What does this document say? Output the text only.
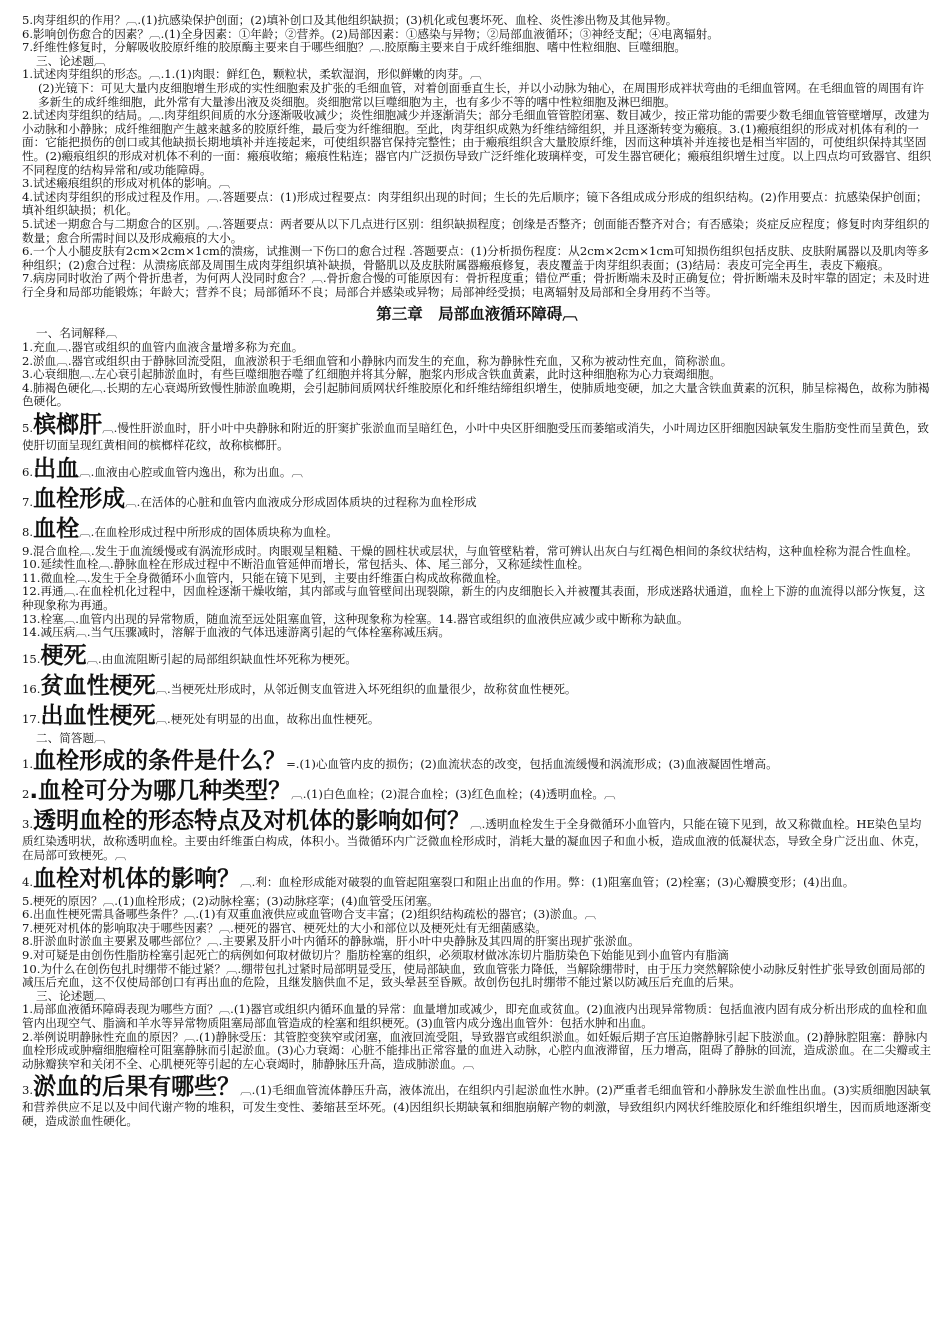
5.肉芽组织的作用？︹.(1)抗感染保护创面；(2)填补创口及其他组织缺损；(3)机化或包裹坏死、血栓、炎性渗出物及其他异物。

6.影响创伤愈合的因素？︹.(1)全身因素：①年龄；②营养。(2)局部因素：①感染与异物；②局部血液循环；③神经支配；④电离辐射。

7.纤维性修复时，分解吸收胶原纤维的胶原酶主要来自于哪些细胞？︹.胶原酶主要来自于成纤维细胞、嗜中性粒细胞、巨噬细胞。

三、论述题︹

1.试述肉芽组织的形态。︹.1.(1)肉眼：鲜红色，颗粒状，柔软湿润，形似鲜嫩的肉芽。︹

(2)光镜下：可见大量内皮细胞增生形成的实性细胞索及扩张的毛细血管，对着创面垂直生长，并以小动脉为轴心，在周围形成袢状弯曲的毛细血管网。在毛细血管的周围有许多新生的成纤维细胞，此外常有大量渗出液及炎细胞。炎细胞常以巨噬细胞为主，也有多少不等的嗜中性粒细胞及淋巴细胞。

2.试述肉芽组织的结局。︹.肉芽组织间质的水分逐渐吸收减少；炎性细胞减少并逐渐消失；部分毛细血管管腔闭塞、数目减少，按正常功能的需要少数毛细血管管壁增厚，改建为小动脉和小静脉；成纤维细胞产生越来越多的胶原纤维，最后变为纤维细胞。至此，肉芽组织成熟为纤维结缔组织，并且逐渐转变为瘢痕。3.(1)瘢痕组织的形成对机体有利的一面：它能把损伤的创口或其他缺损长期地填补并连接起来，可使组织器官保持完整性；由于瘢痕组织含大量胶原纤维，因而这种填补并连接也是相当牢固的，可使组织保持其坚固性。(2)瘢痕组织的形成对机体不利的一面：瘢痕收缩；瘢痕性粘连；器官内广泛损伤导致广泛纤维化玻璃样变，可发生器官硬化；瘢痕组织增生过度。以上四点均可致器官、组织不同程度的结构异常和/或功能障碍。

3.试述瘢痕组织的形成对机体的影响。︹

4.试述肉芽组织的形成过程及作用。︹.答题要点：(1)形成过程要点：肉芽组织出现的时间；生长的先后顺序；镜下各组成成分形成的组织结构。(2)作用要点：抗感染保护创面；填补组织缺损；机化。

5.试述一期愈合与二期愈合的区别。︹.答题要点：两者要从以下几点进行区别：组织缺损程度；创缘是否整齐；创面能否整齐对合；有否感染；炎症反应程度；修复时肉芽组织的数量；愈合所需时间以及形成瘢痕的大小。

6.一个人小腿皮肤有2cm×2cm×1cm的溃疡，试推测一下伤口的愈合过程 .答题要点：(1)分析损伤程度：从2cm×2cm×1cm可知损伤组织包括皮肤、皮肤附属器以及肌肉等多种组织；(2)愈合过程：从溃疡底部及周围生成肉芽组织填补缺损，骨骼肌以及皮肤附属器瘢痕修复，表皮覆盖于肉芽组织表面；(3)结局：表皮可完全再生，表皮下瘢痕。

7.病房同时收治了两个骨折患者，为何两人没同时愈合？︹.骨折愈合慢的可能原因有：骨折程度重；错位严重；骨折断端未及时正确复位；骨折断端未及时牢靠的固定；未及时进行全身和局部功能锻炼；年龄大；营养不良；局部循环不良；局部合并感染或异物；局部神经受损；电离辐射及局部和全身用药不当等。

第三章　局部血液循环障碍︹

一、名词解释︹

1.充血︹.器官或组织的血管内血液含量增多称为充血。

2.淤血︹.器官或组织由于静脉回流受阻，血液淤积于毛细血管和小静脉内而发生的充血，称为静脉性充血，又称为被动性充血，简称淤血。

3.心衰细胞︹.左心衰引起肺淤血时，有些巨噬细胞吞噬了红细胞并将其分解，胞浆内形成含铁血黄素，此时这种细胞称为心力衰竭细胞。

4.肺褐色硬化︹.长期的左心衰竭所致慢性肺淤血晚期，会引起肺间质网状纤维胶原化和纤维结缔组织增生，使肺质地变硬，加之大量含铁血黄素的沉积，肺呈棕褐色，故称为肺褐色硬化。

5.槟榔肝︹.慢性肝淤血时，肝小叶中央静脉和附近的肝窦扩张淤血而呈暗红色，小叶中央区肝细胞受压而萎缩或消失，小叶周边区肝细胞因缺氧发生脂肪变性而呈黄色，致使肝切面呈现红黄相间的槟榔样花纹，故称槟榔肝。

6.出血︹.血液由心腔或血管内逸出，称为出血。︹

7.血栓形成︹.在活体的心脏和血管内血液成分形成固体质块的过程称为血栓形成

8.血栓︹.在血栓形成过程中所形成的固体质块称为血栓。

9.混合血栓︹.发生于血流缓慢或有涡流形成时。肉眼观呈粗糙、干燥的圆柱状或层状，与血管壁粘着，常可辨认出灰白与红褐色相间的条纹状结构，这种血栓称为混合性血栓。

10.延续性血栓︹.静脉血栓在形成过程中不断沿血管延伸而增长，常包括头、体、尾三部分，又称延续性血栓。

11.微血栓︹.发生于全身微循环小血管内，只能在镜下见到，主要由纤维蛋白构成故称微血栓。

12.再通︹.在血栓机化过程中，因血栓逐渐干燥收缩，其内部或与血管壁间出现裂隙，新生的内皮细胞长入并被覆其表面，形成迷路状通道，血栓上下游的血流得以部分恢复，这种现象称为再通。

13.栓塞︹.血管内出现的异常物质，随血流至远处阻塞血管，这种现象称为栓塞。14.器官或组织的血液供应减少或中断称为缺血。

14.减压病︹.当气压骤减时，溶解于血液的气体迅速游离引起的气体栓塞称减压病。

15.梗死︹.由血流阻断引起的局部组织缺血性坏死称为梗死。

16.贫血性梗死︹.当梗死灶形成时，从邻近侧支血管进入坏死组织的血量很少，故称贫血性梗死。

17.出血性梗死︹.梗死处有明显的出血，故称出血性梗死。

二、简答题︹

1.血栓形成的条件是什么？=.(1)心血管内皮的损伤；(2)血流状态的改变，包括血流缓慢和涡流形成；(3)血液凝固性增高。

2.血栓可分为哪几种类型？︹.(1)白色血栓；(2)混合血栓；(3)红色血栓；(4)透明血栓。︹

3.透明血栓的形态特点及对机体的影响如何？︹.透明血栓发生于全身微循环小血管内，只能在镜下见到，故又称微血栓。HE染色呈均质红染透明状，故称透明血栓。主要由纤维蛋白构成，体积小。当微循环内广泛微血栓形成时，消耗大量的凝血因子和血小板，造成血液的低凝状态，导致全身广泛出血、休克，在局部可致梗死。︹

4.血栓对机体的影响？︹.利：血栓形成能对破裂的血管起阻塞裂口和阻止出血的作用。弊：(1)阻塞血管；(2)栓塞；(3)心瓣膜变形；(4)出血。

5.梗死的原因？︹.(1)血栓形成；(2)动脉栓塞；(3)动脉痉挛；(4)血管受压闭塞。

6.出血性梗死需具备哪些条件？︹.(1)有双重血液供应或血管吻合支丰富；(2)组织结构疏松的器官；(3)淤血。︹

7.梗死对机体的影响取决于哪些因素？︹.梗死的器官、梗死灶的大小和部位以及梗死灶有无细菌感染。

8.肝淤血时淤血主要累及哪些部位？︹.主要累及肝小叶内循环的静脉端，肝小叶中央静脉及其四周的肝窦出现扩张淤血。

9.对可疑是由创伤性脂肪栓塞引起死亡的病例如何取材做切片？脂肪栓塞的组织，必须取材做冰冻切片脂肪染色下始能见到小血管内有脂滴

10.为什么在创伤包扎时绷带不能过紧？︹.绷带包扎过紧时局部明显受压，使局部缺血，致血管张力降低，当解除绷带时，由于压力突然解除使小动脉反射性扩张导致创面局部的减压后充血，这不仅使局部创口有再出血的危险，且继发脑供血不足，致头晕甚至昏厥。故创伤包扎时绷带不能过紧以防减压后充血的后果。

三、论述题︹

1.局部血液循环障碍表现为哪些方面？︹.(1)器官或组织内循环血量的异常：血量增加或减少，即充血或贫血。(2)血液内出现异常物质：包括血液内固有成分析出形成的血栓和血管内出现空气、脂滴和羊水等异常物质阻塞局部血管造成的栓塞和组织梗死。(3)血管内成分逸出血管外：包括水肿和出血。

2.举例说明静脉性充血的原因？︹.(1)静脉受压：其管腔变狭窄或闭塞，血液回流受阻，导致器官或组织淤血。如妊娠后期子宫压迫髂静脉引起下肢淤血。(2)静脉腔阻塞：静脉内血栓形成或肿瘤细胞瘤栓可阻塞静脉而引起淤血。(3)心力衰竭：心脏不能排出正常容量的血进入动脉，心腔内血液滞留，压力增高，阻碍了静脉的回流，造成淤血。在二尖瓣或主动脉瓣狭窄和关闭不全、心肌梗死等引起的左心衰竭时，肺静脉压升高，造成肺淤血。︹

3.淤血的后果有哪些？︹.(1)毛细血管流体静压升高，液体流出，在组织内引起淤血性水肿。(2)严重者毛细血管和小静脉发生淤血性出血。(3)实质细胞因缺氧和营养供应不足以及中间代谢产物的堆积，可发生变性、萎缩甚至坏死。(4)因组织长期缺氧和细胞崩解产物的刺激，导致组织内网状纤维胶原化和纤维组织增生，因而质地逐渐变硬，造成淤血性硬化。
